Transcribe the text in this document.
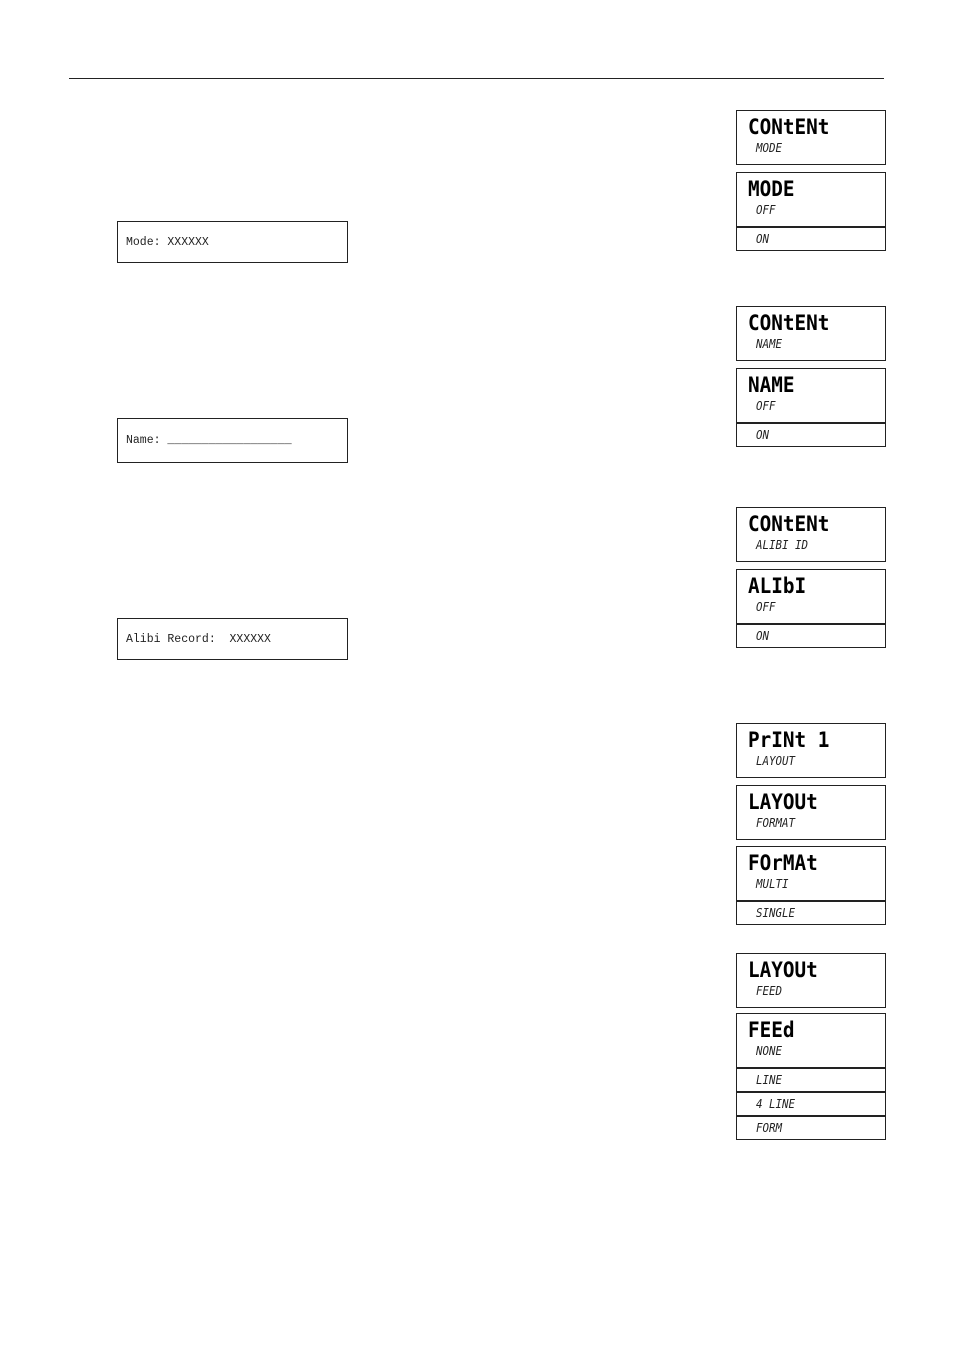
Mode: XXXXXX
Name: __________________
Alibi Record:  XXXXXX
CONtENt
MODE
MODE
OFF
ON
CONtENt
NAME
NAME
OFF
ON
CONtENt
ALIBI ID
ALIbI
OFF
ON
PrINt 1
LAYOUT
LAYOUt
FORMAT
FOrMAt
MULTI
SINGLE
LAYOUt
FEED
FEEd
NONE
LINE
4 LINE
FORM
